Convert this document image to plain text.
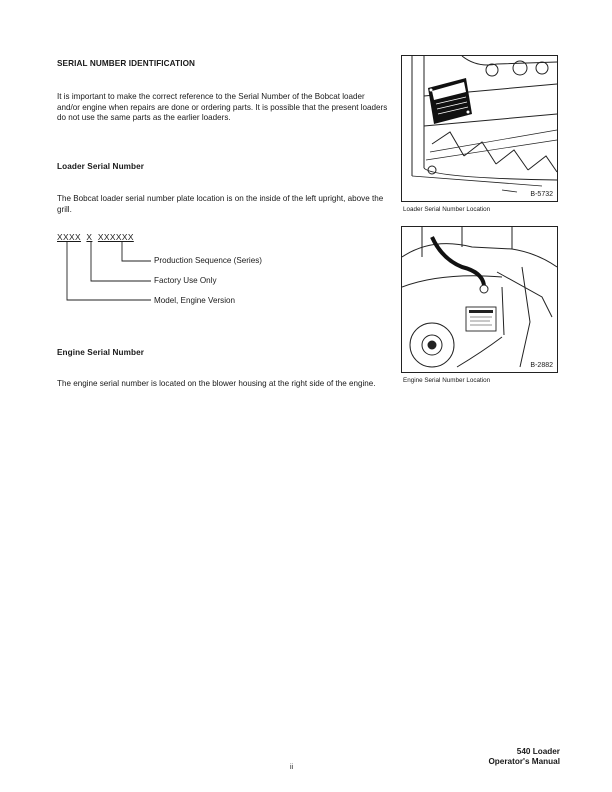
SERIAL NUMBER IDENTIFICATION
It is important to make the correct reference to the Serial Number of the Bobcat loader and/or engine when repairs are done or ordering parts. It is possible that the present loaders do not use the same parts as the earlier loaders.
Loader Serial Number
The Bobcat loader serial number plate location is on the inside of the left upright, above the grill.
XXXX X XXXXXX
Production Sequence (Series)
Factory Use Only
Model, Engine Version
Engine Serial Number
The engine serial number is located on the blower housing at the right side of the engine.
B-5732
Loader Serial Number Location
B-2882
Engine Serial Number Location
ii
540 Loader
Operator's Manual
